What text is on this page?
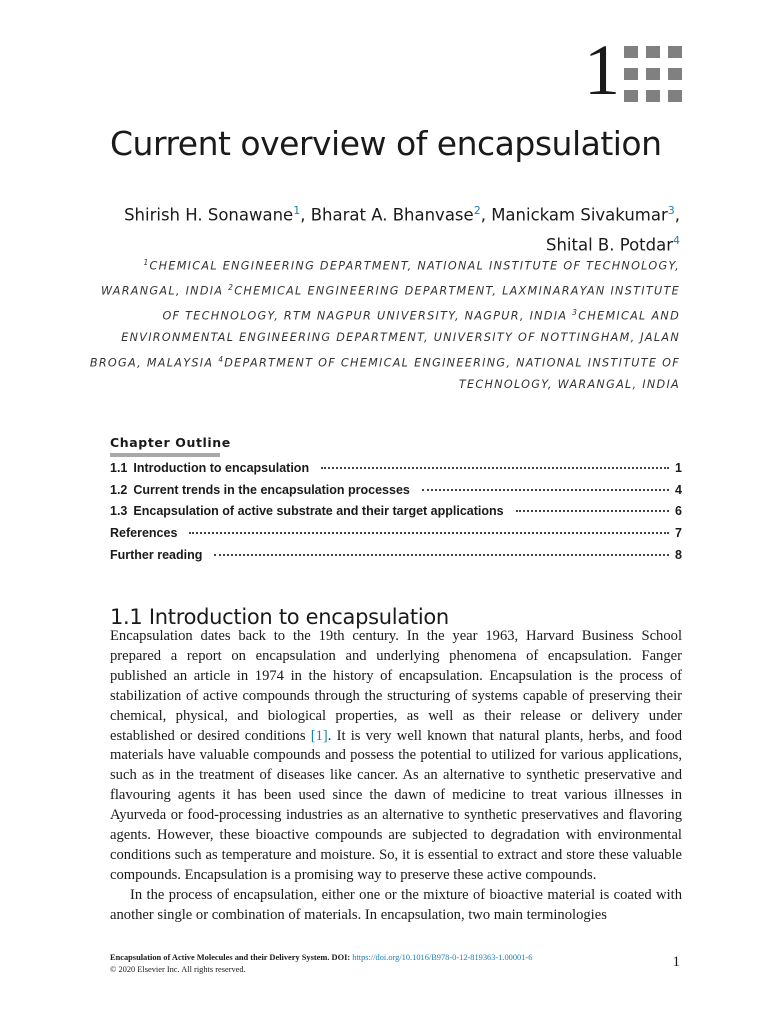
1
Current overview of encapsulation
Shirish H. Sonawane$^1$, Bharat A. Bhanvase$^2$, Manickam Sivakumar$^3$,
Shital B. Potdar$^4$
$^1$CHEMICAL ENGINEERING DEPARTMENT, NATIONAL INSTITUTE OF TECHNOLOGY, WARANGAL, INDIA $^2$CHEMICAL ENGINEERING DEPARTMENT, LAXMINARAYAN INSTITUTE OF TECHNOLOGY, RTM NAGPUR UNIVERSITY, NAGPUR, INDIA $^3$CHEMICAL AND ENVIRONMENTAL ENGINEERING DEPARTMENT, UNIVERSITY OF NOTTINGHAM, JALAN BROGA, MALAYSIA $^4$DEPARTMENT OF CHEMICAL ENGINEERING, NATIONAL INSTITUTE OF TECHNOLOGY, WARANGAL, INDIA
Chapter Outline
1.1 Introduction to encapsulation	1
1.2 Current trends in the encapsulation processes	4
1.3 Encapsulation of active substrate and their target applications	6
References	7
Further reading	8
1.1 Introduction to encapsulation

Encapsulation dates back to the 19th century. In the year 1963, Harvard Business School prepared a report on encapsulation and underlying phenomena of encapsulation. Fanger published an article in 1974 in the history of encapsulation. Encapsulation is the process of stabilization of active compounds through the structuring of systems capable of preserving their chemical, physical, and biological properties, as well as their release or delivery under established or desired conditions [1]. It is very well known that natural plants, herbs, and food materials have valuable compounds and possess the potential to utilized for various applications, such as in the treatment of diseases like cancer. As an alternative to synthetic preservative and flavouring agents it has been used since the dawn of medicine to treat various illnesses in Ayurveda or food-processing industries as an alternative to synthetic preservatives and flavoring agents. However, these bioactive compounds are subjected to degradation with environmental conditions such as temperature and moisture. So, it is essential to extract and store these valuable compounds. Encapsulation is a promising way to preserve these active compounds.

In the process of encapsulation, either one or the mixture of bioactive material is coated with another single or combination of materials. In encapsulation, two main terminologies

Encapsulation of Active Molecules and their Delivery System. DOI: https://doi.org/10.1016/B978-0-12-819363-1.00001-6
© 2020 Elsevier Inc. All rights reserved.	1
